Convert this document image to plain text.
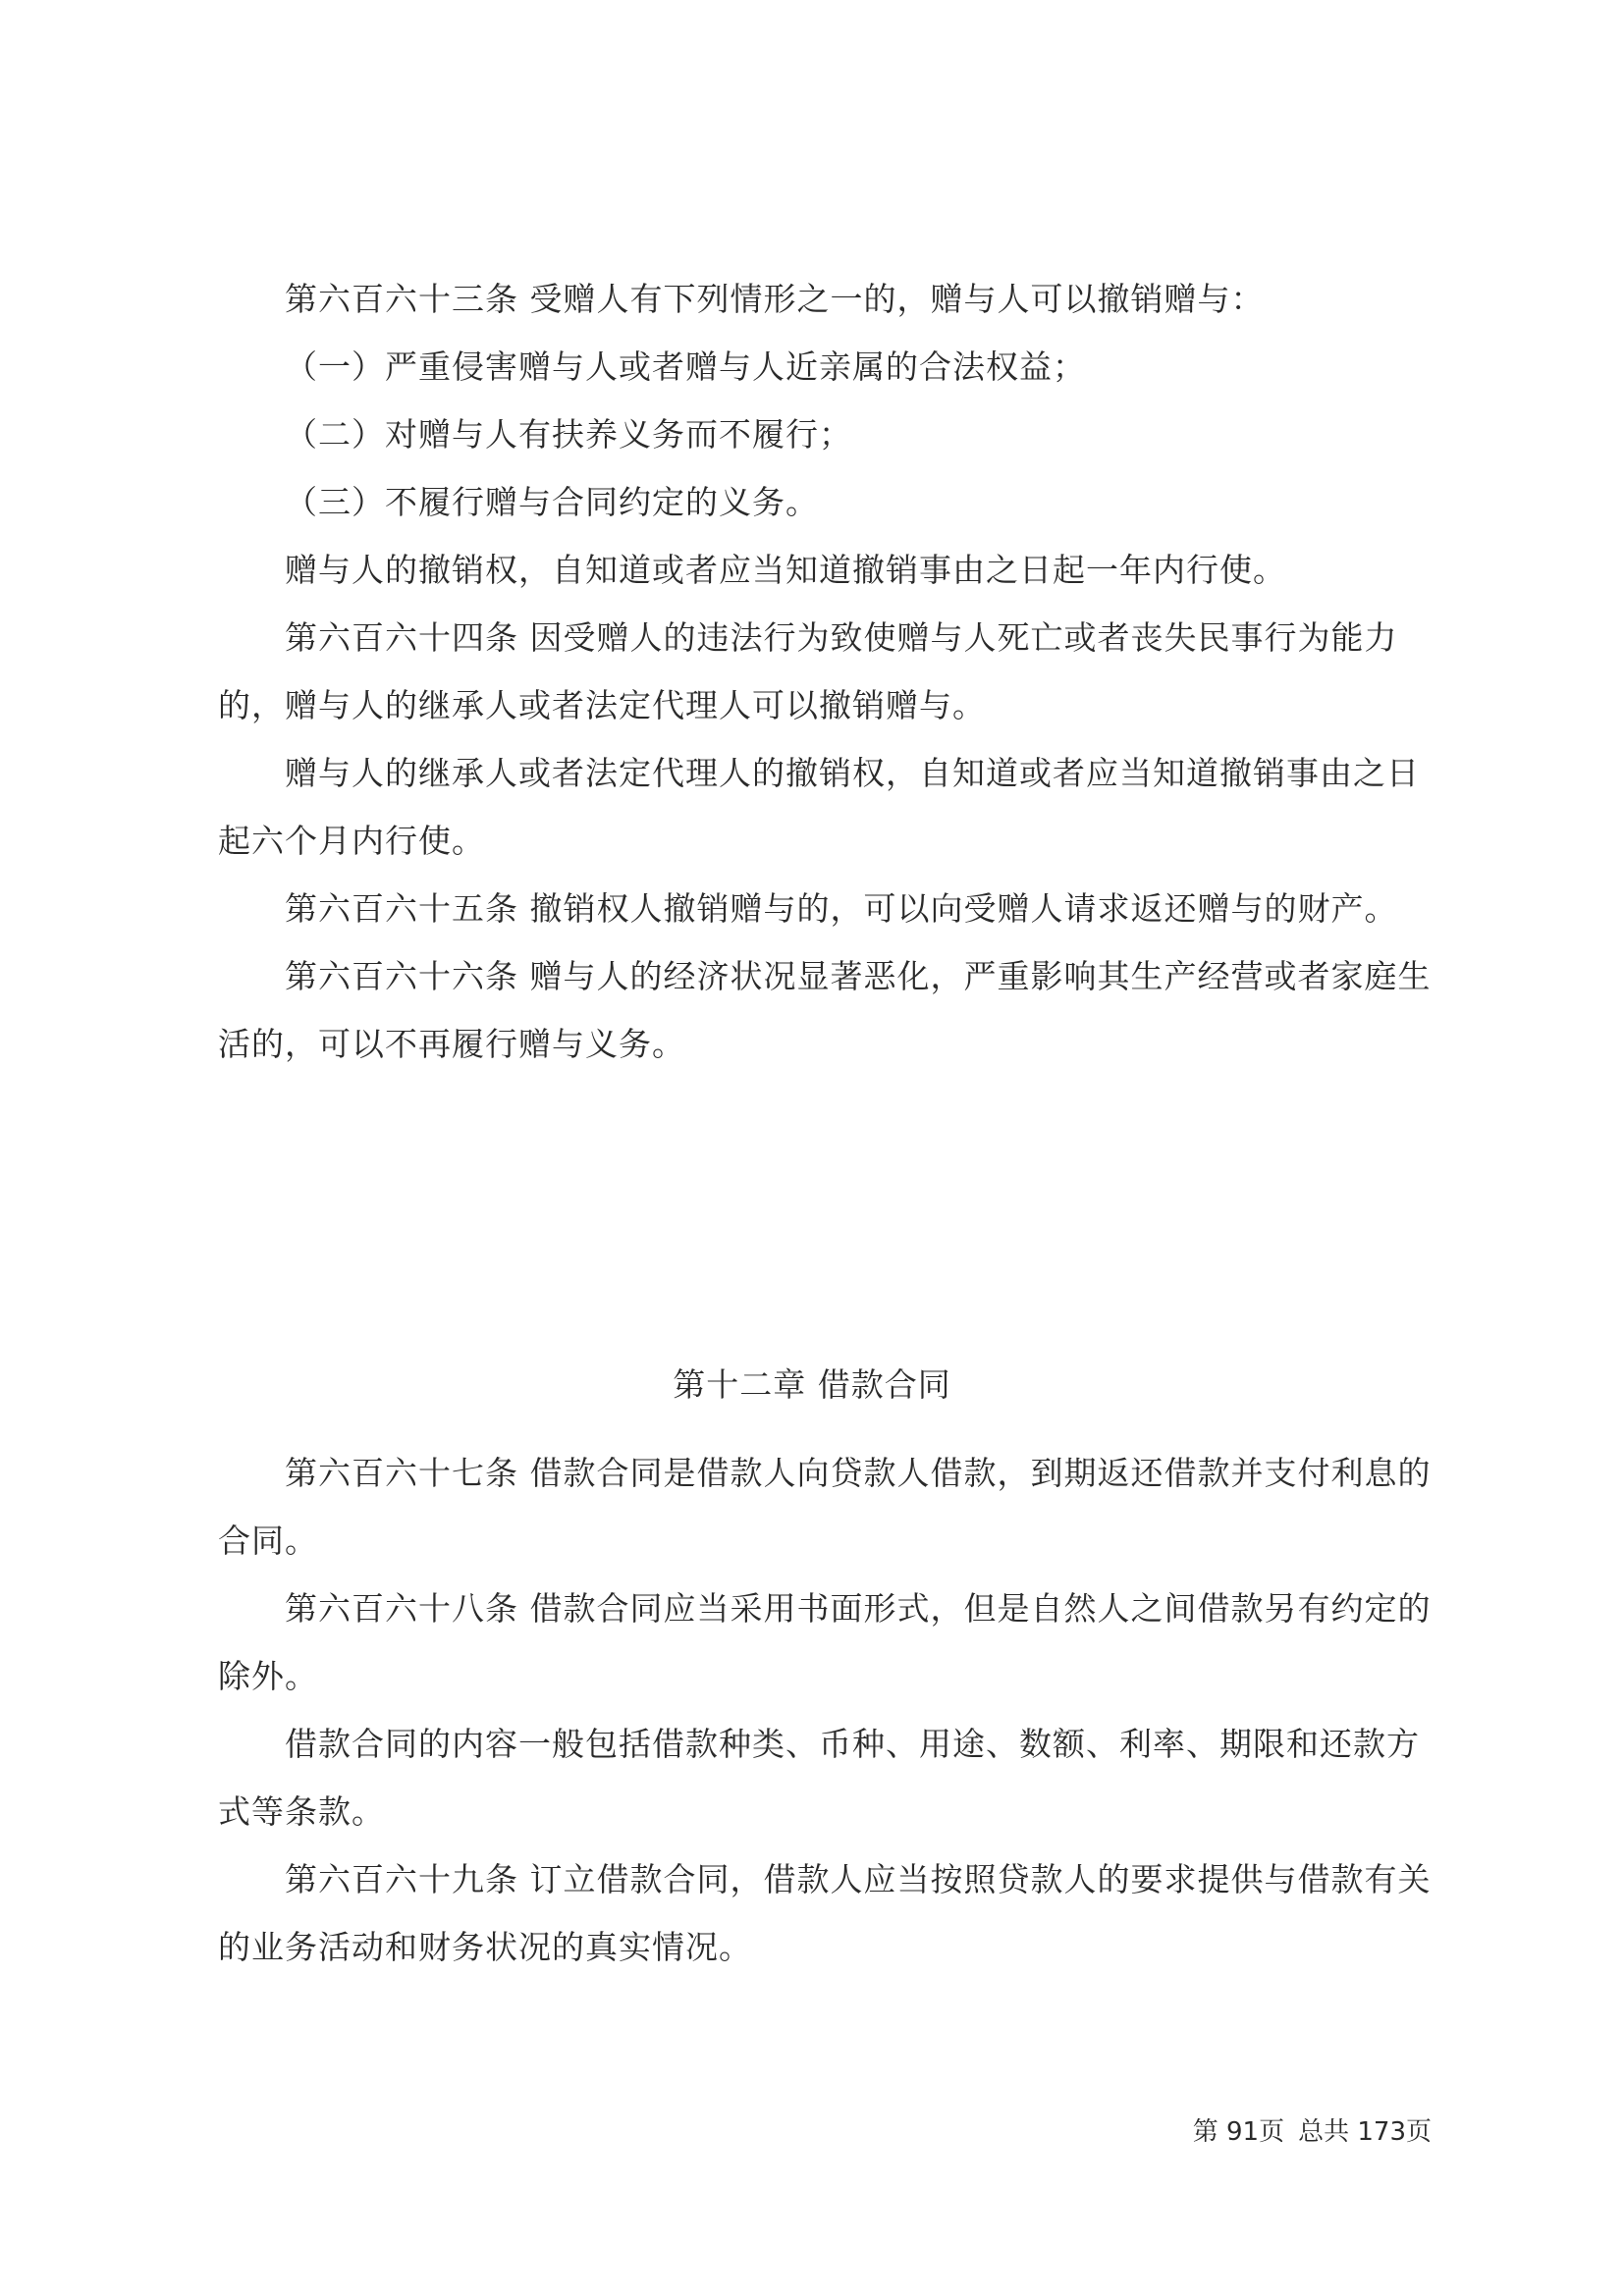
第六百六十三条 受赠人有下列情形之一的，赠与人可以撤销赠与：

（一）严重侵害赠与人或者赠与人近亲属的合法权益；

（二）对赠与人有扶养义务而不履行；

（三）不履行赠与合同约定的义务。

赠与人的撤销权，自知道或者应当知道撤销事由之日起一年内行使。

第六百六十四条 因受赠人的违法行为致使赠与人死亡或者丧失民事行为能力

的，赠与人的继承人或者法定代理人可以撤销赠与。

赠与人的继承人或者法定代理人的撤销权，自知道或者应当知道撤销事由之日

起六个月内行使。

第六百六十五条 撤销权人撤销赠与的，可以向受赠人请求返还赠与的财产。

第六百六十六条 赠与人的经济状况显著恶化，严重影响其生产经营或者家庭生

活的，可以不再履行赠与义务。

第十二章 借款合同

第六百六十七条 借款合同是借款人向贷款人借款，到期返还借款并支付利息的

合同。

第六百六十八条 借款合同应当采用书面形式，但是自然人之间借款另有约定的

除外。

借款合同的内容一般包括借款种类、币种、用途、数额、利率、期限和还款方

式等条款。

第六百六十九条 订立借款合同，借款人应当按照贷款人的要求提供与借款有关

的业务活动和财务状况的真实情况。

第 91页 总共 173页
